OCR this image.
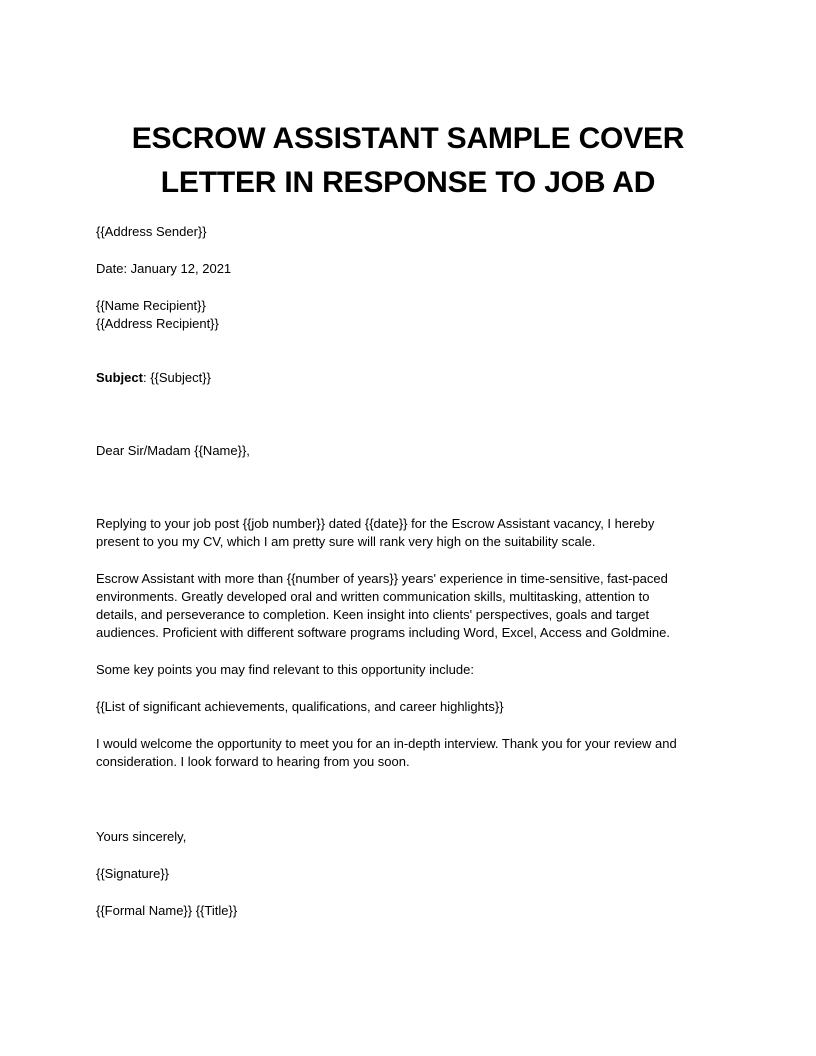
ESCROW ASSISTANT SAMPLE COVER
LETTER IN RESPONSE TO JOB AD

{{Address Sender}}

Date: January 12, 2021

{{Name Recipient}}

{{Address Recipient}}

Subject: {{Subject}}

Dear Sir/Madam {{Name}},

Replying to your job post {{job number}} dated {{date}} for the Escrow Assistant vacancy, I hereby
present to you my CV, which I am pretty sure will rank very high on the suitability scale.
Escrow Assistant with more than {{number of years}} years' experience in time-sensitive, fast-paced
environments. Greatly developed oral and written communication skills, multitasking, attention to
details, and perseverance to completion. Keen insight into clients' perspectives, goals and target
audiences. Proficient with different software programs including Word, Excel, Access and Goldmine.

Some key points you may find relevant to this opportunity include:

{{List of significant achievements, qualifications, and career highlights}}

I would welcome the opportunity to meet you for an in-depth interview. Thank you for your review and
consideration. I look forward to hearing from you soon.

Yours sincerely,

{{Signature}}

{{Formal Name}} {{Title}}
